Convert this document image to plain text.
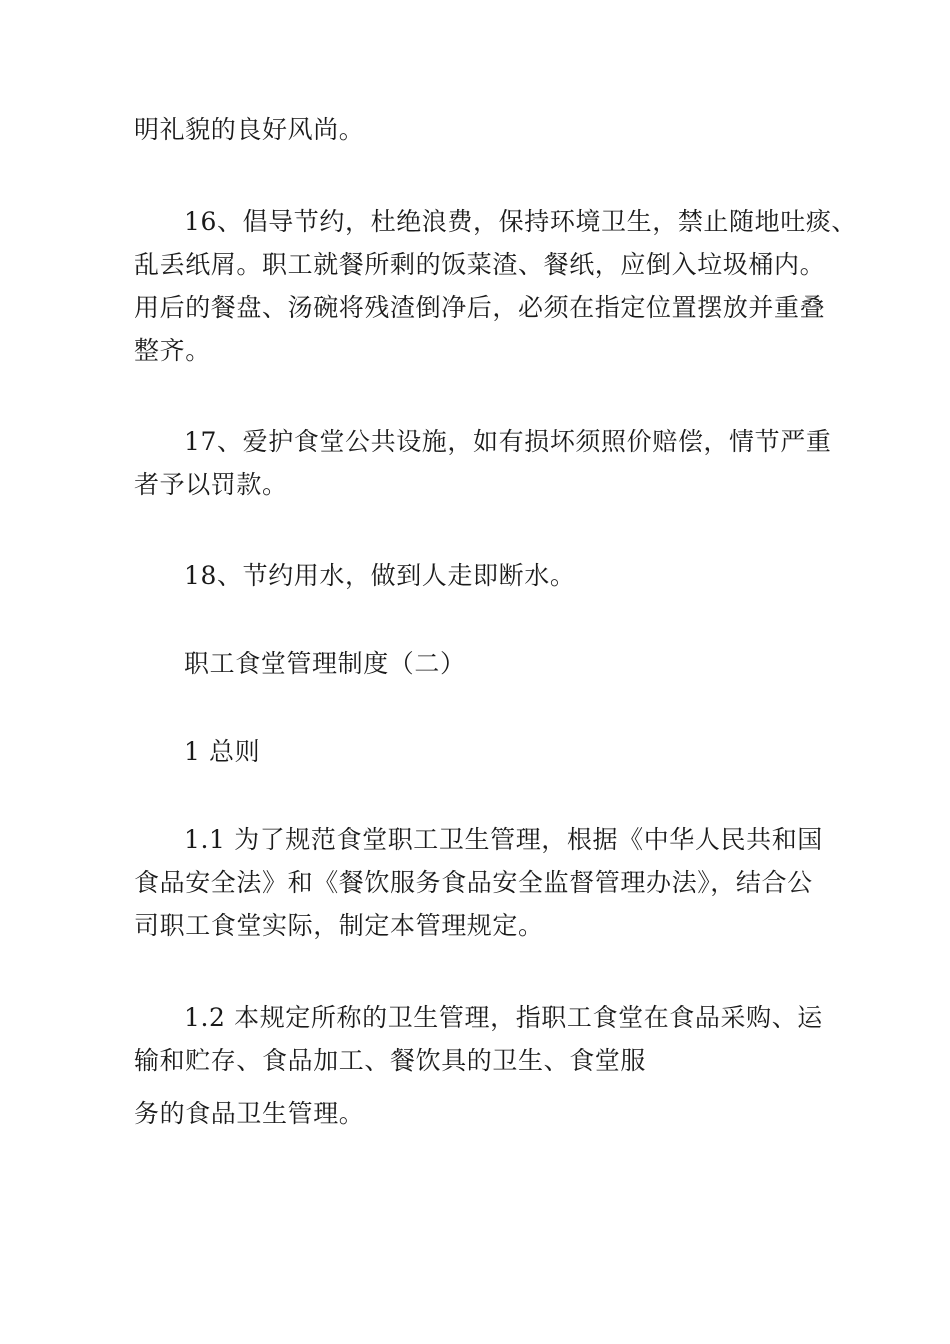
明礼貌的良好风尚。
16、倡导节约，杜绝浪费，保持环境卫生，禁止随地吐痰、
乱丢纸屑。职工就餐所剩的饭菜渣、餐纸，应倒入垃圾桶内。
用后的餐盘、汤碗将残渣倒净后，必须在指定位置摆放并重叠
整齐。
17、爱护食堂公共设施，如有损坏须照价赔偿，情节严重
者予以罚款。
18、节约用水，做到人走即断水。
职工食堂管理制度（二）
1 总则
1.1 为了规范食堂职工卫生管理，根据《中华人民共和国
食品安全法》和《餐饮服务食品安全监督管理办法》，结合公
司职工食堂实际，制定本管理规定。
1.2 本规定所称的卫生管理，指职工食堂在食品采购、运
输和贮存、食品加工、餐饮具的卫生、食堂服
务的食品卫生管理。
